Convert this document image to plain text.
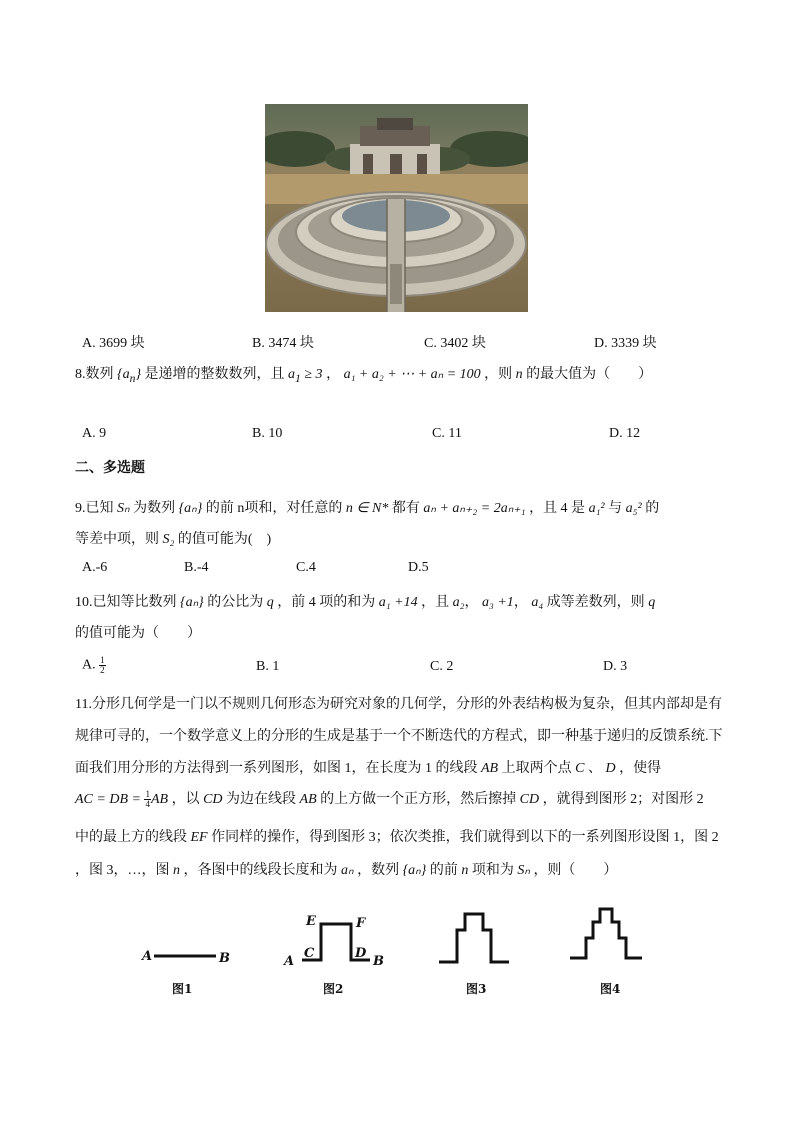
A. 3699 块	B. 3474 块	C. 3402 块	D. 3339 块
8.数列 $\{a_n\}$ 是递增的整数数列，且 $a_1 \ge 3$ ， a₁ + a₂ + ⋯ + aₙ = 100 ，则 n 的最大值为（　　）
A. 9	B. 10	C. 11	D. 12
二、多选题
9.已知 Sₙ 为数列 {aₙ} 的前 n项和，对任意的 n ∈ N* 都有 aₙ + aₙ₊₂ = 2aₙ₊₁ ，且 4 是 a₁² 与 a₅² 的
等差中项，则 S₂ 的值可能为(　)
A.-6	B.-4	C.4	D.5
10.已知等比数列 {aₙ} 的公比为 q ，前 4 项的和为 a₁ +14 ，且 a₂， a₃ +1， a₄ 成等差数列，则 q
的值可能为（　　）
A. $\frac{1}{2}$	B. 1	C. 2	D. 3
11.分形几何学是一门以不规则几何形态为研究对象的几何学，分形的外表结构极为复杂，但其内部却是有
规律可寻的，一个数学意义上的分形的生成是基于一个不断迭代的方程式，即一种基于递归的反馈系统.下
面我们用分形的方法得到一系列图形，如图 1，在长度为 1 的线段 AB 上取两个点 C 、 D ，使得
AC = DB = $\frac{1}{4}$ AB ，以 CD 为边在线段 AB 的上方做一个正方形，然后擦掉 CD ，就得到图形 2；对图形 2
中的最上方的线段 EF 作同样的操作，得到图形 3；依次类推，我们就得到以下的一系列图形设图 1，图 2
，图 3，…，图 n ，各图中的线段长度和为 aₙ ，数列 {aₙ} 的前 n 项和为 Sₙ ，则（　　）
A	B	A
C
E	F
D
B
图1	图2	图3	图4
